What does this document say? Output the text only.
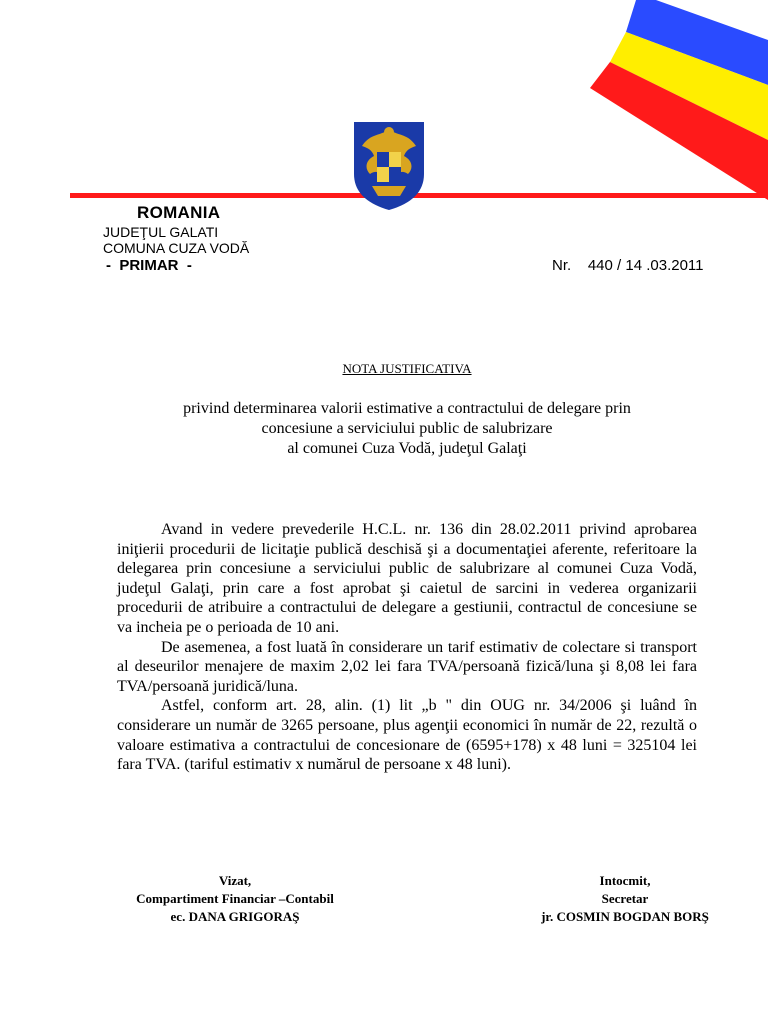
ROMANIA
JUDEŢUL GALATI
COMUNA CUZA VODĂ
-  PRIMAR  -	Nr.    440 / 14 .03.2011
NOTA JUSTIFICATIVA
privind determinarea valorii estimative a contractului de delegare prin
concesiune a serviciului public de salubrizare
al comunei Cuza Vodă, judeţul Galaţi

Avand in vedere prevederile H.C.L. nr. 136 din 28.02.2011 privind aprobarea iniţierii procedurii de licitaţie publică deschisă şi a documentaţiei aferente, referitoare la delegarea prin concesiune a serviciului public de salubrizare al comunei Cuza Vodă, judeţul Galaţi, prin care a fost aprobat şi caietul de sarcini in vederea organizarii procedurii de atribuire a contractului de delegare a gestiunii, contractul de concesiune se va incheia pe o perioada de 10 ani.

De asemenea, a fost luată în considerare un tarif estimativ de colectare si transport al deseurilor menajere de maxim 2,02 lei fara TVA/persoană fizică/luna şi 8,08 lei fara TVA/persoană juridică/luna.

Astfel, conform art. 28, alin. (1) lit „b " din OUG nr. 34/2006 şi luând în considerare un număr de 3265 persoane, plus agenţii economici în număr de 22, rezultă o valoare estimativa a contractului de concesionare de (6595+178) x 48 luni = 325104 lei fara TVA. (tariful estimativ x numărul de persoane x 48 luni).

Vizat,
Compartiment Financiar –Contabil
ec. DANA GRIGORAŞ
Intocmit,
Secretar
jr. COSMIN BOGDAN BORŞ
